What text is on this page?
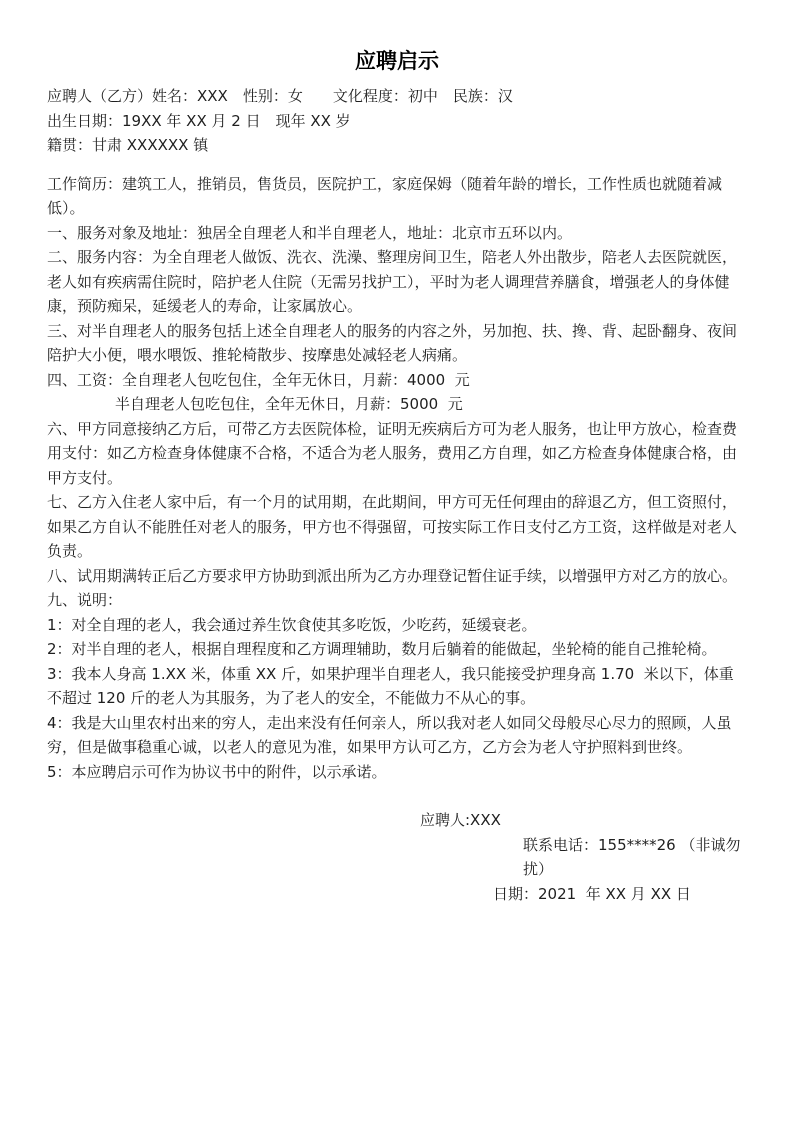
应聘启示

应聘人（乙方）姓名：XXX　性别：女　　文化程度：初中　民族：汉

出生日期：19XX 年 XX 月 2 日　现年 XX 岁

籍贯：甘肃 XXXXXX 镇

工作简历：建筑工人，推销员，售货员，医院护工，家庭保姆（随着年龄的增长，工作性质也就随着减低）。

一、服务对象及地址：独居全自理老人和半自理老人，地址：北京市五环以内。

二、服务内容：为全自理老人做饭、洗衣、洗澡、整理房间卫生，陪老人外出散步，陪老人去医院就医，老人如有疾病需住院时，陪护老人住院（无需另找护工），平时为老人调理营养膳食，增强老人的身体健康，预防痴呆，延缓老人的寿命，让家属放心。

三、对半自理老人的服务包括上述全自理老人的服务的内容之外，另加抱、扶、搀、背、起卧翻身、夜间陪护大小便，喂水喂饭、推轮椅散步、按摩患处减轻老人病痛。

四、工资：全自理老人包吃包住，全年无休日，月薪：4000  元

半自理老人包吃包住，全年无休日，月薪：5000  元

六、甲方同意接纳乙方后，可带乙方去医院体检，证明无疾病后方可为老人服务，也让甲方放心，检查费用支付：如乙方检查身体健康不合格，不适合为老人服务，费用乙方自理，如乙方检查身体健康合格，由甲方支付。

七、乙方入住老人家中后，有一个月的试用期，在此期间，甲方可无任何理由的辞退乙方，但工资照付，如果乙方自认不能胜任对老人的服务，甲方也不得强留，可按实际工作日支付乙方工资，这样做是对老人负责。

八、试用期满转正后乙方要求甲方协助到派出所为乙方办理登记暂住证手续，以增强甲方对乙方的放心。

九、说明：

1：对全自理的老人，我会通过养生饮食使其多吃饭，少吃药，延缓衰老。

2：对半自理的老人，根据自理程度和乙方调理辅助，数月后躺着的能做起，坐轮椅的能自己推轮椅。

3：我本人身高 1.XX 米，体重 XX 斤，如果护理半自理老人，我只能接受护理身高 1.70  米以下，体重不超过 120 斤的老人为其服务，为了老人的安全，不能做力不从心的事。

4：我是大山里农村出来的穷人，走出来没有任何亲人，所以我对老人如同父母般尽心尽力的照顾，人虽穷，但是做事稳重心诚，以老人的意见为准，如果甲方认可乙方，乙方会为老人守护照料到世终。

5：本应聘启示可作为协议书中的附件，以示承诺。

应聘人:XXX

联系电话：155****26 （非诚勿扰）

日期：2021  年 XX 月 XX 日
